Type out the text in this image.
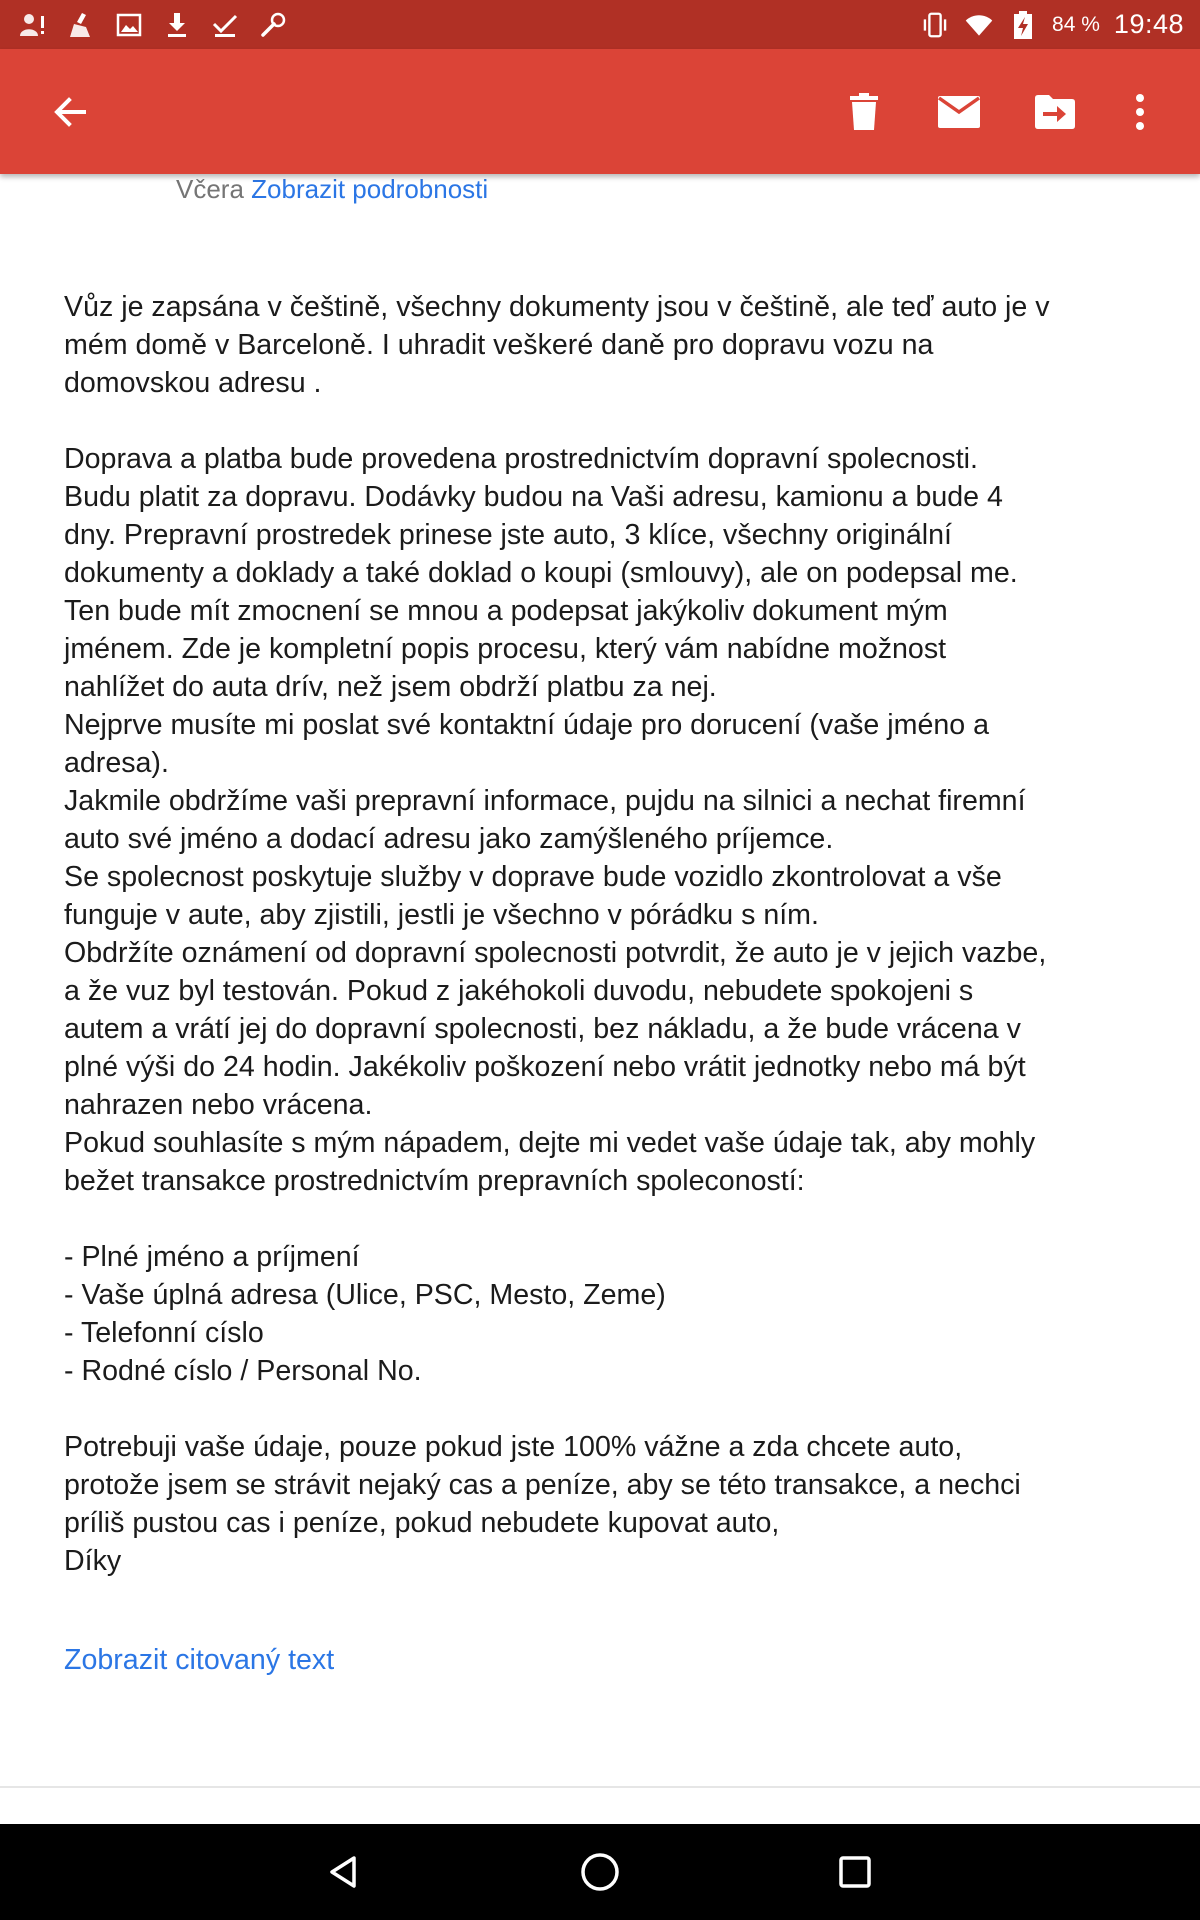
84 % 19:48
Včera Zobrazit podrobnosti
Vůz je zapsána v češtině, všechny dokumenty jsou v češtině, ale teď auto je v
mém domě v Barceloně. I uhradit veškeré daně pro dopravu vozu na
domovskou adresu .
Doprava a platba bude provedena prostrednictvím dopravní spolecnosti.
Budu platit za dopravu. Dodávky budou na Vaši adresu, kamionu a bude 4
dny. Prepravní prostredek prinese jste auto, 3 klíce, všechny originální
dokumenty a doklady a také doklad o koupi (smlouvy), ale on podepsal me.
Ten bude mít zmocnení se mnou a podepsat jakýkoliv dokument mým
jménem. Zde je kompletní popis procesu, který vám nabídne možnost
nahlížet do auta drív, než jsem obdrží platbu za nej.
Nejprve musíte mi poslat své kontaktní údaje pro dorucení (vaše jméno a
adresa).
Jakmile obdržíme vaši prepravní informace, pujdu na silnici a nechat firemní
auto své jméno a dodací adresu jako zamýšleného príjemce.
Se spolecnost poskytuje služby v doprave bude vozidlo zkontrolovat a vše
funguje v aute, aby zjistili, jestli je všechno v pórádku s ním.
Obdržíte oznámení od dopravní spolecnosti potvrdit, že auto je v jejich vazbe,
a že vuz byl testován. Pokud z jakéhokoli duvodu, nebudete spokojeni s
autem a vrátí jej do dopravní spolecnosti, bez nákladu, a že bude vrácena v
plné výši do 24 hodin. Jakékoliv poškození nebo vrátit jednotky nebo má být
nahrazen nebo vrácena.
Pokud souhlasíte s mým nápadem, dejte mi vedet vaše údaje tak, aby mohly
bežet transakce prostrednictvím prepravních spolecoností:
- Plné jméno a príjmení
- Vaše úplná adresa (Ulice, PSC, Mesto, Zeme)
- Telefonní císlo
- Rodné císlo / Personal No.
Potrebuji vaše údaje, pouze pokud jste 100% vážne a zda chcete auto,
protože jsem se strávit nejaký cas a peníze, aby se této transakce, a nechci
príliš pustou cas i peníze, pokud nebudete kupovat auto,
Díky
Zobrazit citovaný text
